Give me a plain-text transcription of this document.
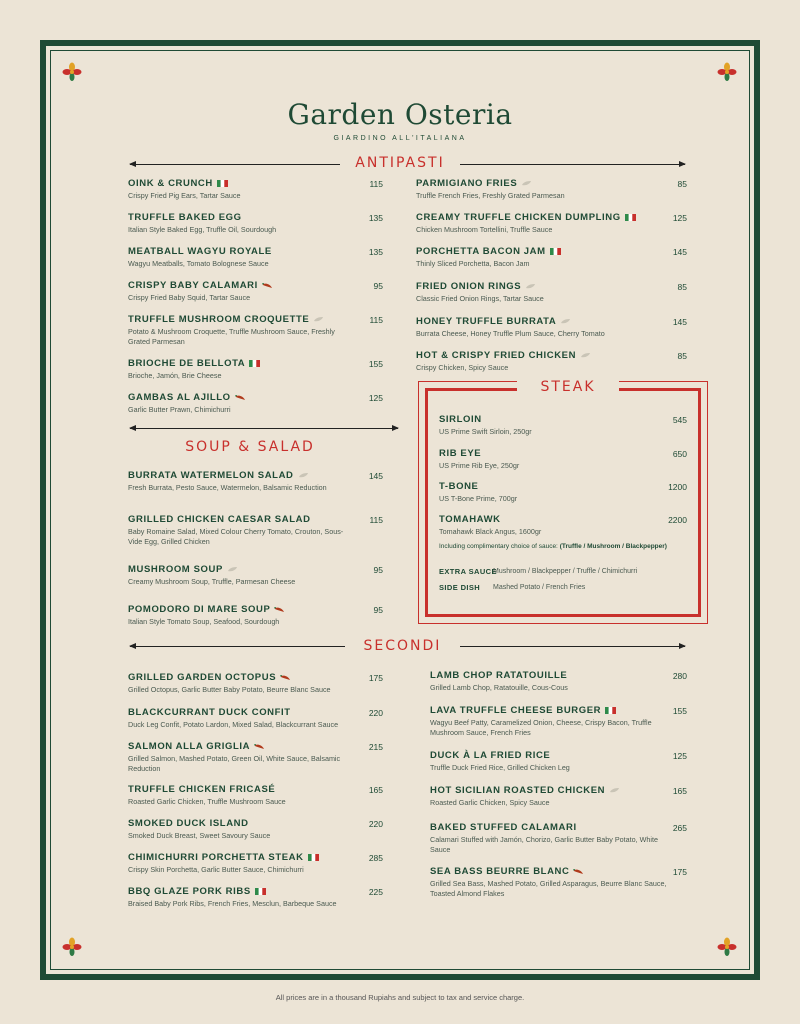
Garden Osteria
GIARDINO ALL'ITALIANA
ANTIPASTI
OINK & CRUNCH
Crispy Fried Pig Ears, Tartar Sauce
115
TRUFFLE BAKED EGG
Italian Style Baked Egg, Truffle Oil, Sourdough
135
MEATBALL WAGYU ROYALE
Wagyu Meatballs, Tomato Bolognese Sauce
135
CRISPY BABY CALAMARI
Crispy Fried Baby Squid, Tartar Sauce
95
TRUFFLE MUSHROOM CROQUETTE
Potato & Mushroom Croquette, Truffle Mushroom Sauce, Freshly Grated Parmesan
115
BRIOCHE DE BELLOTA
Brioche, Jamón, Brie Cheese
155
GAMBAS AL AJILLO
Garlic Butter Prawn, Chimichurri
125
PARMIGIANO FRIES
Truffle French Fries, Freshly Grated Parmesan
85
CREAMY TRUFFLE CHICKEN DUMPLING
Chicken Mushroom Tortellini, Truffle Sauce
125
PORCHETTA BACON JAM
Thinly Sliced Porchetta, Bacon Jam
145
FRIED ONION RINGS
Classic Fried Onion Rings, Tartar Sauce
85
HONEY TRUFFLE BURRATA
Burrata Cheese, Honey Truffle Plum Sauce, Cherry Tomato
145
HOT & CRISPY FRIED CHICKEN
Crispy Chicken, Spicy Sauce
85
SOUP & SALAD
BURRATA WATERMELON SALAD
Fresh Burrata, Pesto Sauce, Watermelon, Balsamic Reduction
145
GRILLED CHICKEN CAESAR SALAD
Baby Romaine Salad, Mixed Colour Cherry Tomato, Crouton, Sous-Vide Egg, Grilled Chicken
115
MUSHROOM SOUP
Creamy Mushroom Soup, Truffle, Parmesan Cheese
95
POMODORO DI MARE SOUP
Italian Style Tomato Soup, Seafood, Sourdough
95
STEAK
SIRLOIN
US Prime Swift Sirloin, 250gr
545
RIB EYE
US Prime Rib Eye, 250gr
650
T-BONE
US T-Bone Prime, 700gr
1200
TOMAHAWK
Tomahawk Black Angus, 1600gr
2200
Including complimentary choice of sauce: (Truffle / Mushroom / Blackpepper)
EXTRA SAUCE
Mushroom / Blackpepper / Truffle / Chimichurri
SIDE DISH Mashed Potato / French Fries
SECONDI
GRILLED GARDEN OCTOPUS
Grilled Octopus, Garlic Butter Baby Potato, Beurre Blanc Sauce
175
BLACKCURRANT DUCK CONFIT
Duck Leg Confit, Potato Lardon, Mixed Salad, Blackcurrant Sauce
220
SALMON ALLA GRIGLIA
Grilled Salmon, Mashed Potato, Green Oil, White Sauce, Balsamic Reduction
215
TRUFFLE CHICKEN FRICASÉ
Roasted Garlic Chicken, Truffle Mushroom Sauce
165
SMOKED DUCK ISLAND
Smoked Duck Breast, Sweet Savoury Sauce
220
CHIMICHURRI PORCHETTA STEAK
Crispy Skin Porchetta, Garlic Butter Sauce, Chimichurri
285
BBQ GLAZE PORK RIBS
Braised Baby Pork Ribs, French Fries, Mesclun, Barbeque Sauce
225
LAMB CHOP RATATOUILLE
Grilled Lamb Chop, Ratatouille, Cous-Cous
280
LAVA TRUFFLE CHEESE BURGER
Wagyu Beef Patty, Caramelized Onion, Cheese, Crispy Bacon, Truffle Mushroom Sauce, French Fries
155
DUCK À LA FRIED RICE
Truffle Duck Fried Rice, Grilled Chicken Leg
125
HOT SICILIAN ROASTED CHICKEN
Roasted Garlic Chicken, Spicy Sauce
165
BAKED STUFFED CALAMARI
Calamari Stuffed with Jamón, Chorizo, Garlic Butter Baby Potato, White Sauce
265
SEA BASS BEURRE BLANC
Grilled Sea Bass, Mashed Potato, Grilled Asparagus, Beurre Blanc Sauce, Toasted Almond Flakes
175
All prices are in a thousand Rupiahs and subject to tax and service charge.
